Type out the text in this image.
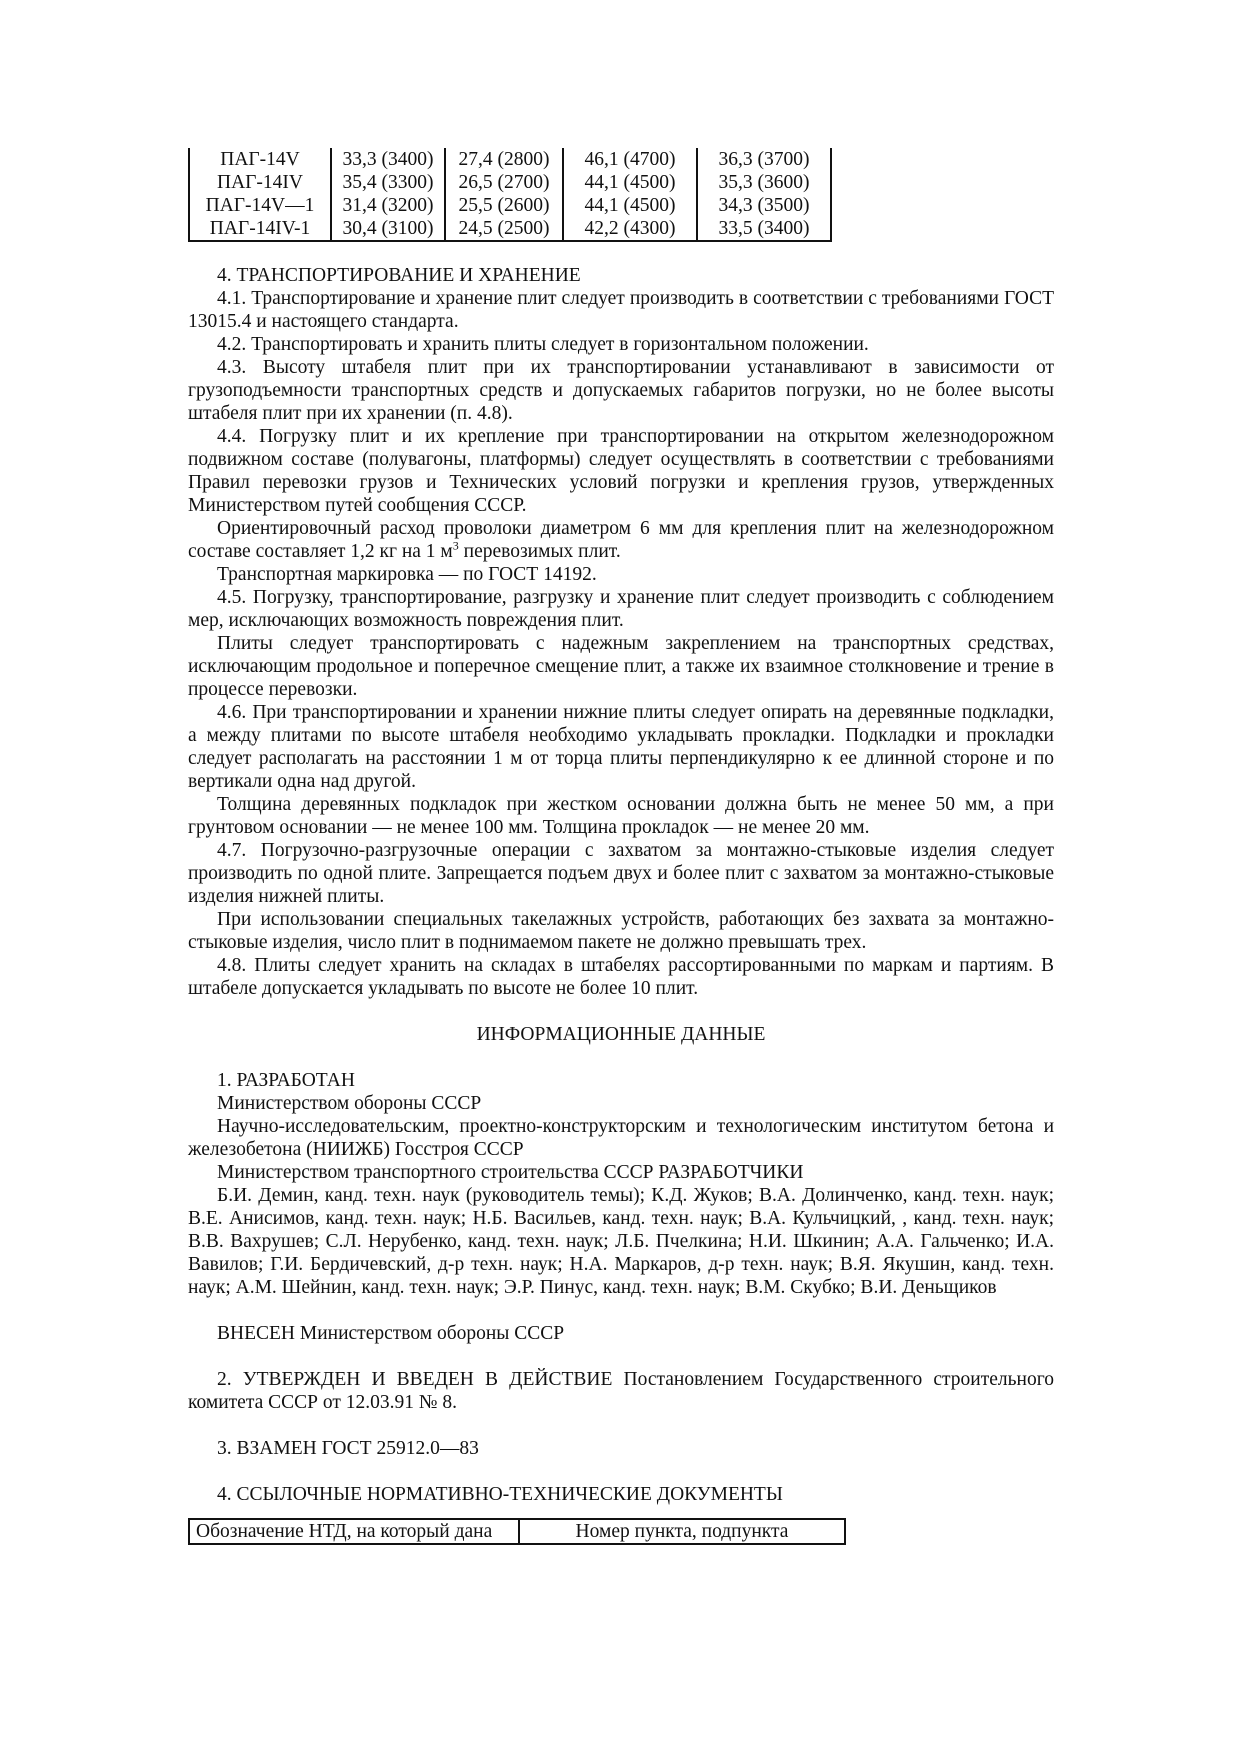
ПАГ-14V	33,3 (3400)	27,4 (2800)	46,1 (4700)	36,3 (3700)
ПАГ-14IV	35,4 (3300)	26,5 (2700)	44,1 (4500)	35,3 (3600)
ПАГ-14V—1	31,4 (3200)	25,5 (2600)	44,1 (4500)	34,3 (3500)
ПАГ-14IV-1	30,4 (3100)	24,5 (2500)	42,2 (4300)	33,5 (3400)

4. ТРАНСПОРТИРОВАНИЕ И ХРАНЕНИЕ

4.1. Транспортирование и хранение плит следует производить в соответствии с требованиями ГОСТ 13015.4 и настоящего стандарта.

4.2. Транспортировать и хранить плиты следует в горизонтальном положении.

4.3. Высоту штабеля плит при их транспортировании устанавливают в зависимости от грузоподъемности транспортных средств и допускаемых габаритов погрузки, но не более высоты штабеля плит при их хранении (п. 4.8).

4.4. Погрузку плит и их крепление при транспортировании на открытом железнодорожном подвижном составе (полувагоны, платформы) следует осуществлять в соответствии с требованиями Правил перевозки грузов и Технических условий погрузки и крепления грузов, утвержденных Министерством путей сообщения СССР.

Ориентировочный расход проволоки диаметром 6 мм для крепления плит на железнодорожном составе составляет 1,2 кг на 1 $м^3$ перевозимых плит.

Транспортная маркировка — по ГОСТ 14192.

4.5. Погрузку, транспортирование, разгрузку и хранение плит следует производить с соблюдением мер, исключающих возможность повреждения плит.

Плиты следует транспортировать с надежным закреплением на транспортных средствах, исключающим продольное и поперечное смещение плит, а также их взаимное столкновение и трение в процессе перевозки.

4.6. При транспортировании и хранении нижние плиты следует опирать на деревянные подкладки, а между плитами по высоте штабеля необходимо укладывать прокладки. Подкладки и прокладки следует располагать на расстоянии 1 м от торца плиты перпендикулярно к ее длинной стороне и по вертикали одна над другой.

Толщина деревянных подкладок при жестком основании должна быть не менее 50 мм, а при грунтовом основании — не менее 100 мм. Толщина прокладок — не менее 20 мм.

4.7. Погрузочно-разгрузочные операции с захватом за монтажно-стыковые изделия следует производить по одной плите. Запрещается подъем двух и более плит с захватом за монтажно-стыковые изделия нижней плиты.

При использовании специальных такелажных устройств, работающих без захвата за монтажно-стыковые изделия, число плит в поднимаемом пакете не должно превышать трех.

4.8. Плиты следует хранить на складах в штабелях рассортированными по маркам и партиям. В штабеле допускается укладывать по высоте не более 10 плит.

ИНФОРМАЦИОННЫЕ ДАННЫЕ

1. РАЗРАБОТАН

Министерством обороны СССР

Научно-исследовательским, проектно-конструкторским и технологическим институтом бетона и железобетона (НИИЖБ) Госстроя СССР

Министерством транспортного строительства СССР РАЗРАБОТЧИКИ

Б.И. Демин, канд. техн. наук (руководитель темы); К.Д. Жуков; В.А. Долинченко, канд. техн. наук; В.Е. Анисимов, канд. техн. наук; Н.Б. Васильев, канд. техн. наук; В.А. Кульчицкий, , канд. техн. наук; В.В. Вахрушев; С.Л. Нерубенко, канд. техн. наук; Л.Б. Пчелкина; Н.И. Шкинин; А.А. Гальченко; И.А. Вавилов; Г.И. Бердичевский, д-р техн. наук; Н.А. Маркаров, д-р техн. наук; В.Я. Якушин, канд. техн. наук; А.М. Шейнин, канд. техн. наук; Э.Р. Пинус, канд. техн. наук; В.М. Скубко; В.И. Деньщиков

ВНЕСЕН Министерством обороны СССР

2. УТВЕРЖДЕН И ВВЕДЕН В ДЕЙСТВИЕ Постановлением Государственного строительного комитета СССР от 12.03.91 № 8.

3. ВЗАМЕН ГОСТ 25912.0—83

4. ССЫЛОЧНЫЕ НОРМАТИВНО-ТЕХНИЧЕСКИЕ ДОКУМЕНТЫ

Обозначение НТД, на который дана	Номер пункта, подпункта
